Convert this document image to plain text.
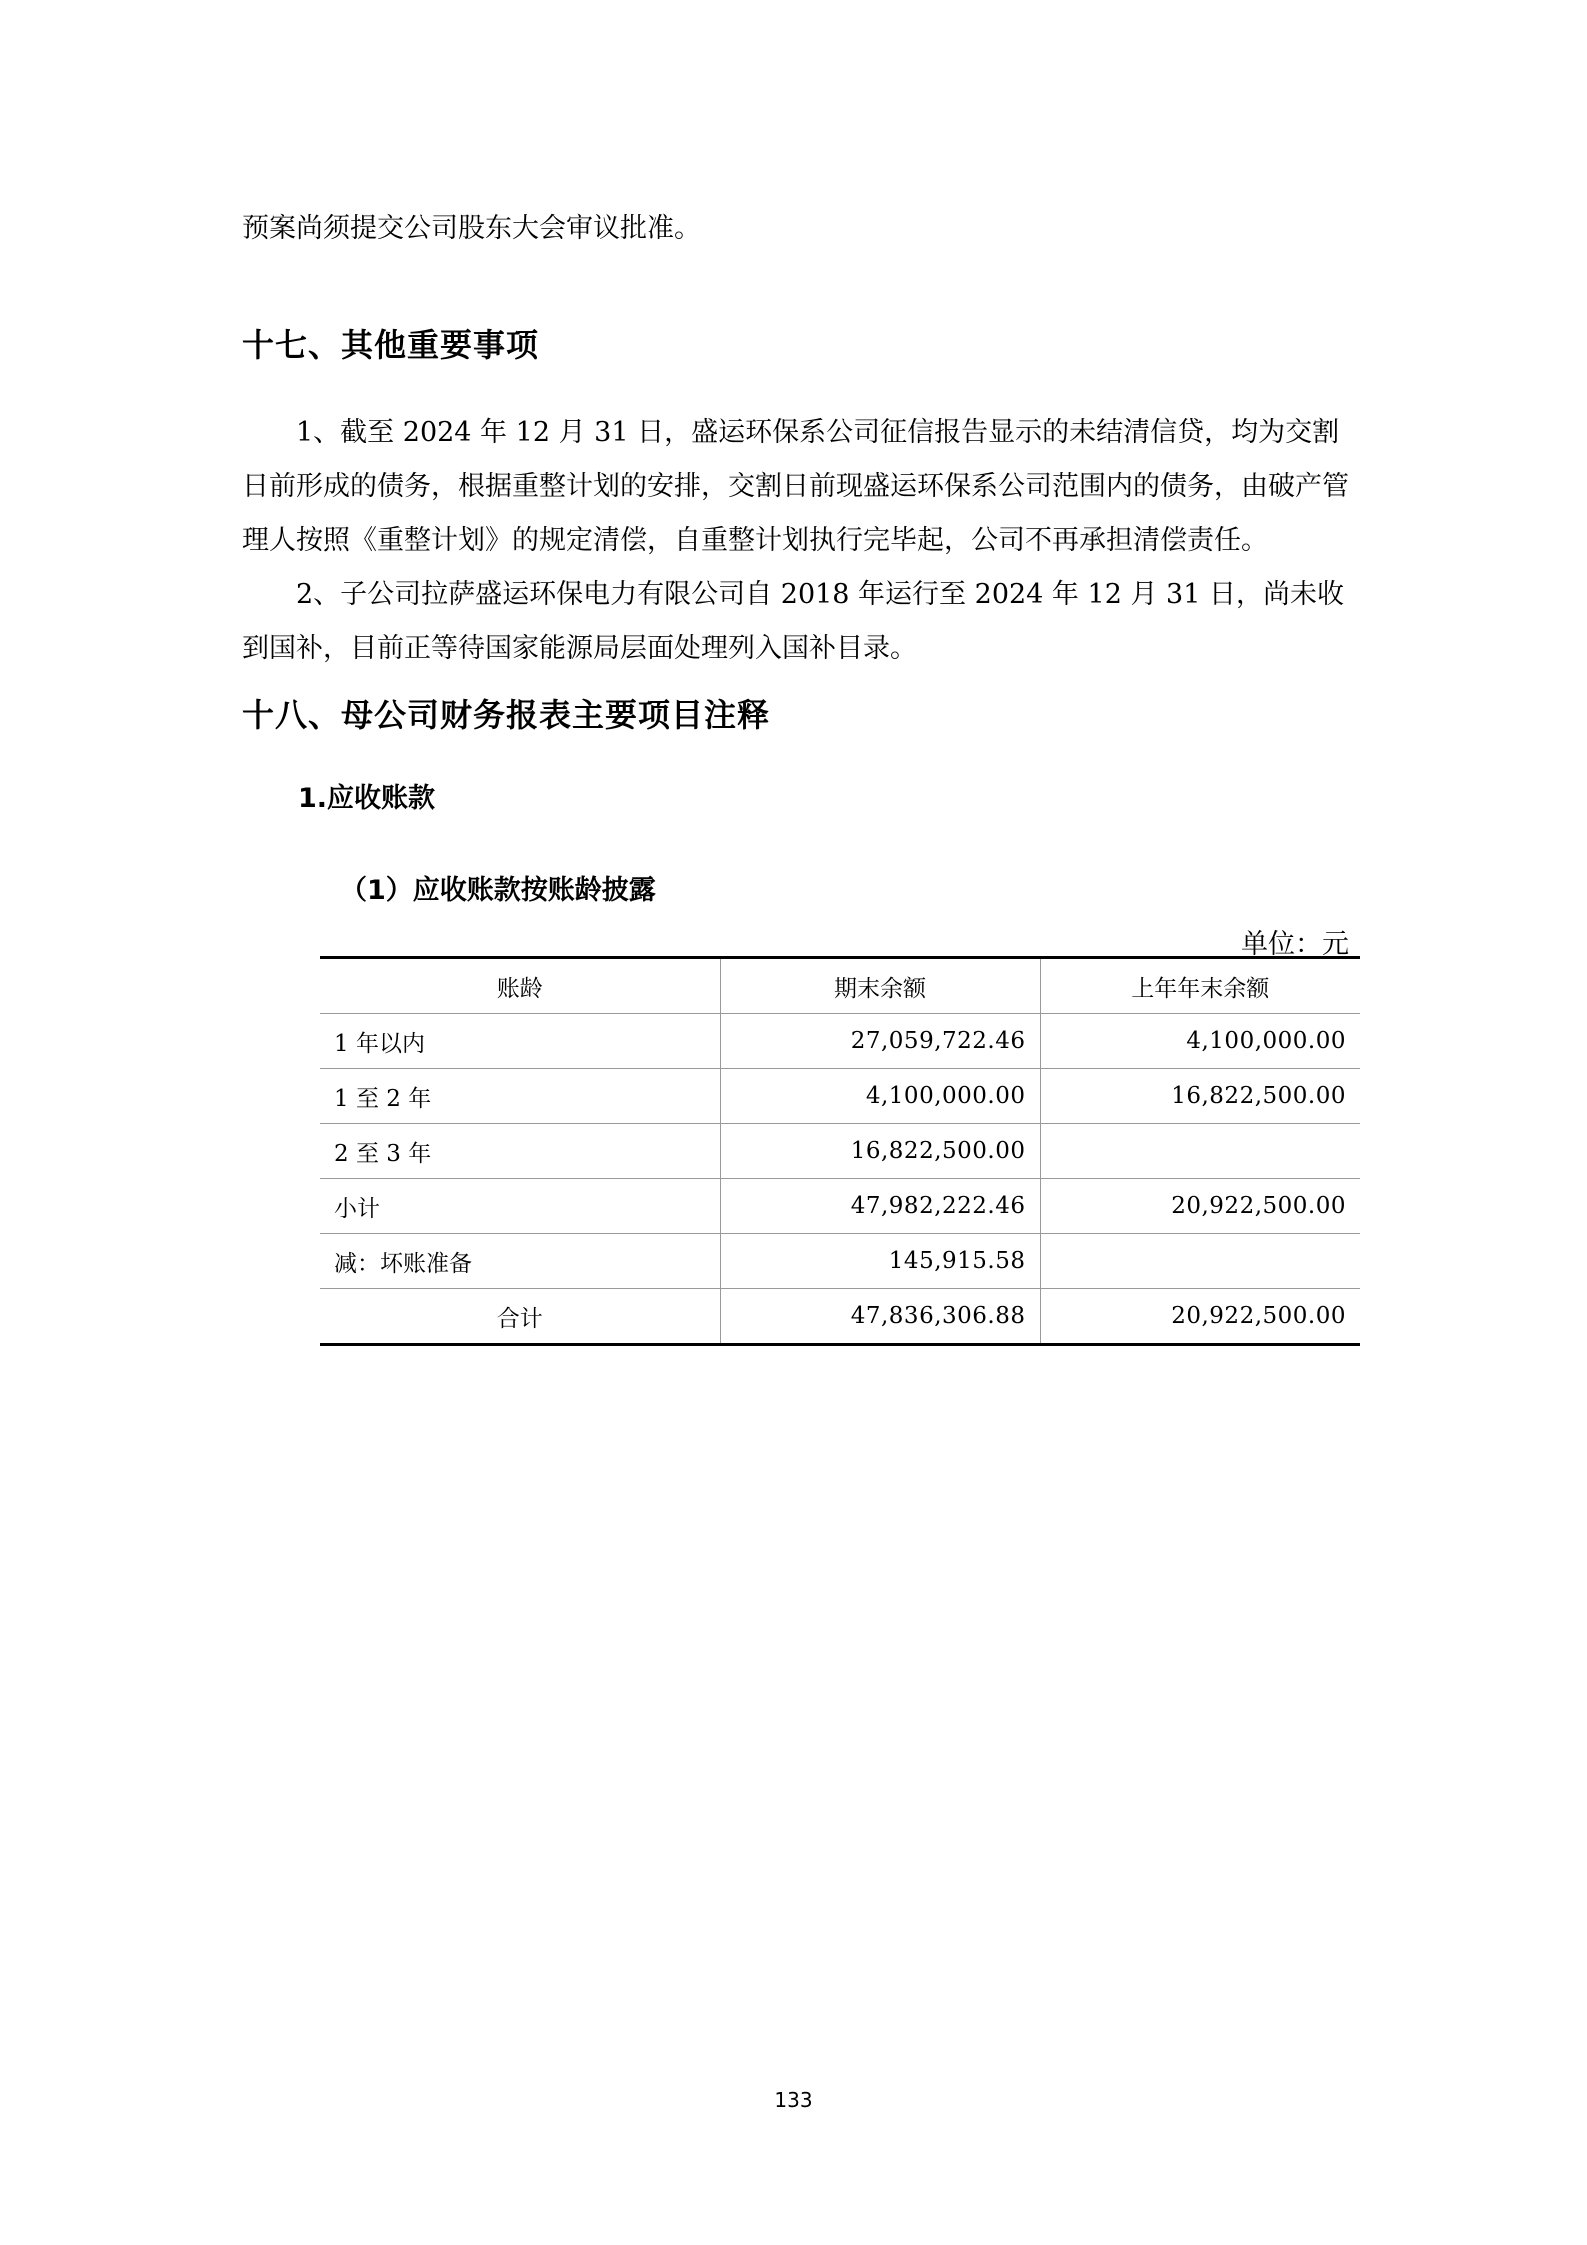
预案尚须提交公司股东大会审议批准。
十七、其他重要事项
1、截至 2024 年 12 月 31 日，盛运环保系公司征信报告显示的未结清信贷，均为交割日前形成的债务，根据重整计划的安排，交割日前现盛运环保系公司范围内的债务，由破产管理人按照《重整计划》的规定清偿，自重整计划执行完毕起，公司不再承担清偿责任。
2、子公司拉萨盛运环保电力有限公司自 2018 年运行至 2024 年 12 月 31 日，尚未收到国补，目前正等待国家能源局层面处理列入国补目录。
十八、母公司财务报表主要项目注释
1.应收账款
（1）应收账款按账龄披露
单位：元
账龄	期末余额	上年年末余额
1 年以内	27,059,722.46	4,100,000.00
1 至 2 年	4,100,000.00	16,822,500.00
2 至 3 年	16,822,500.00	
小计	47,982,222.46	20,922,500.00
减：坏账准备	145,915.58	
合计	47,836,306.88	20,922,500.00
133
